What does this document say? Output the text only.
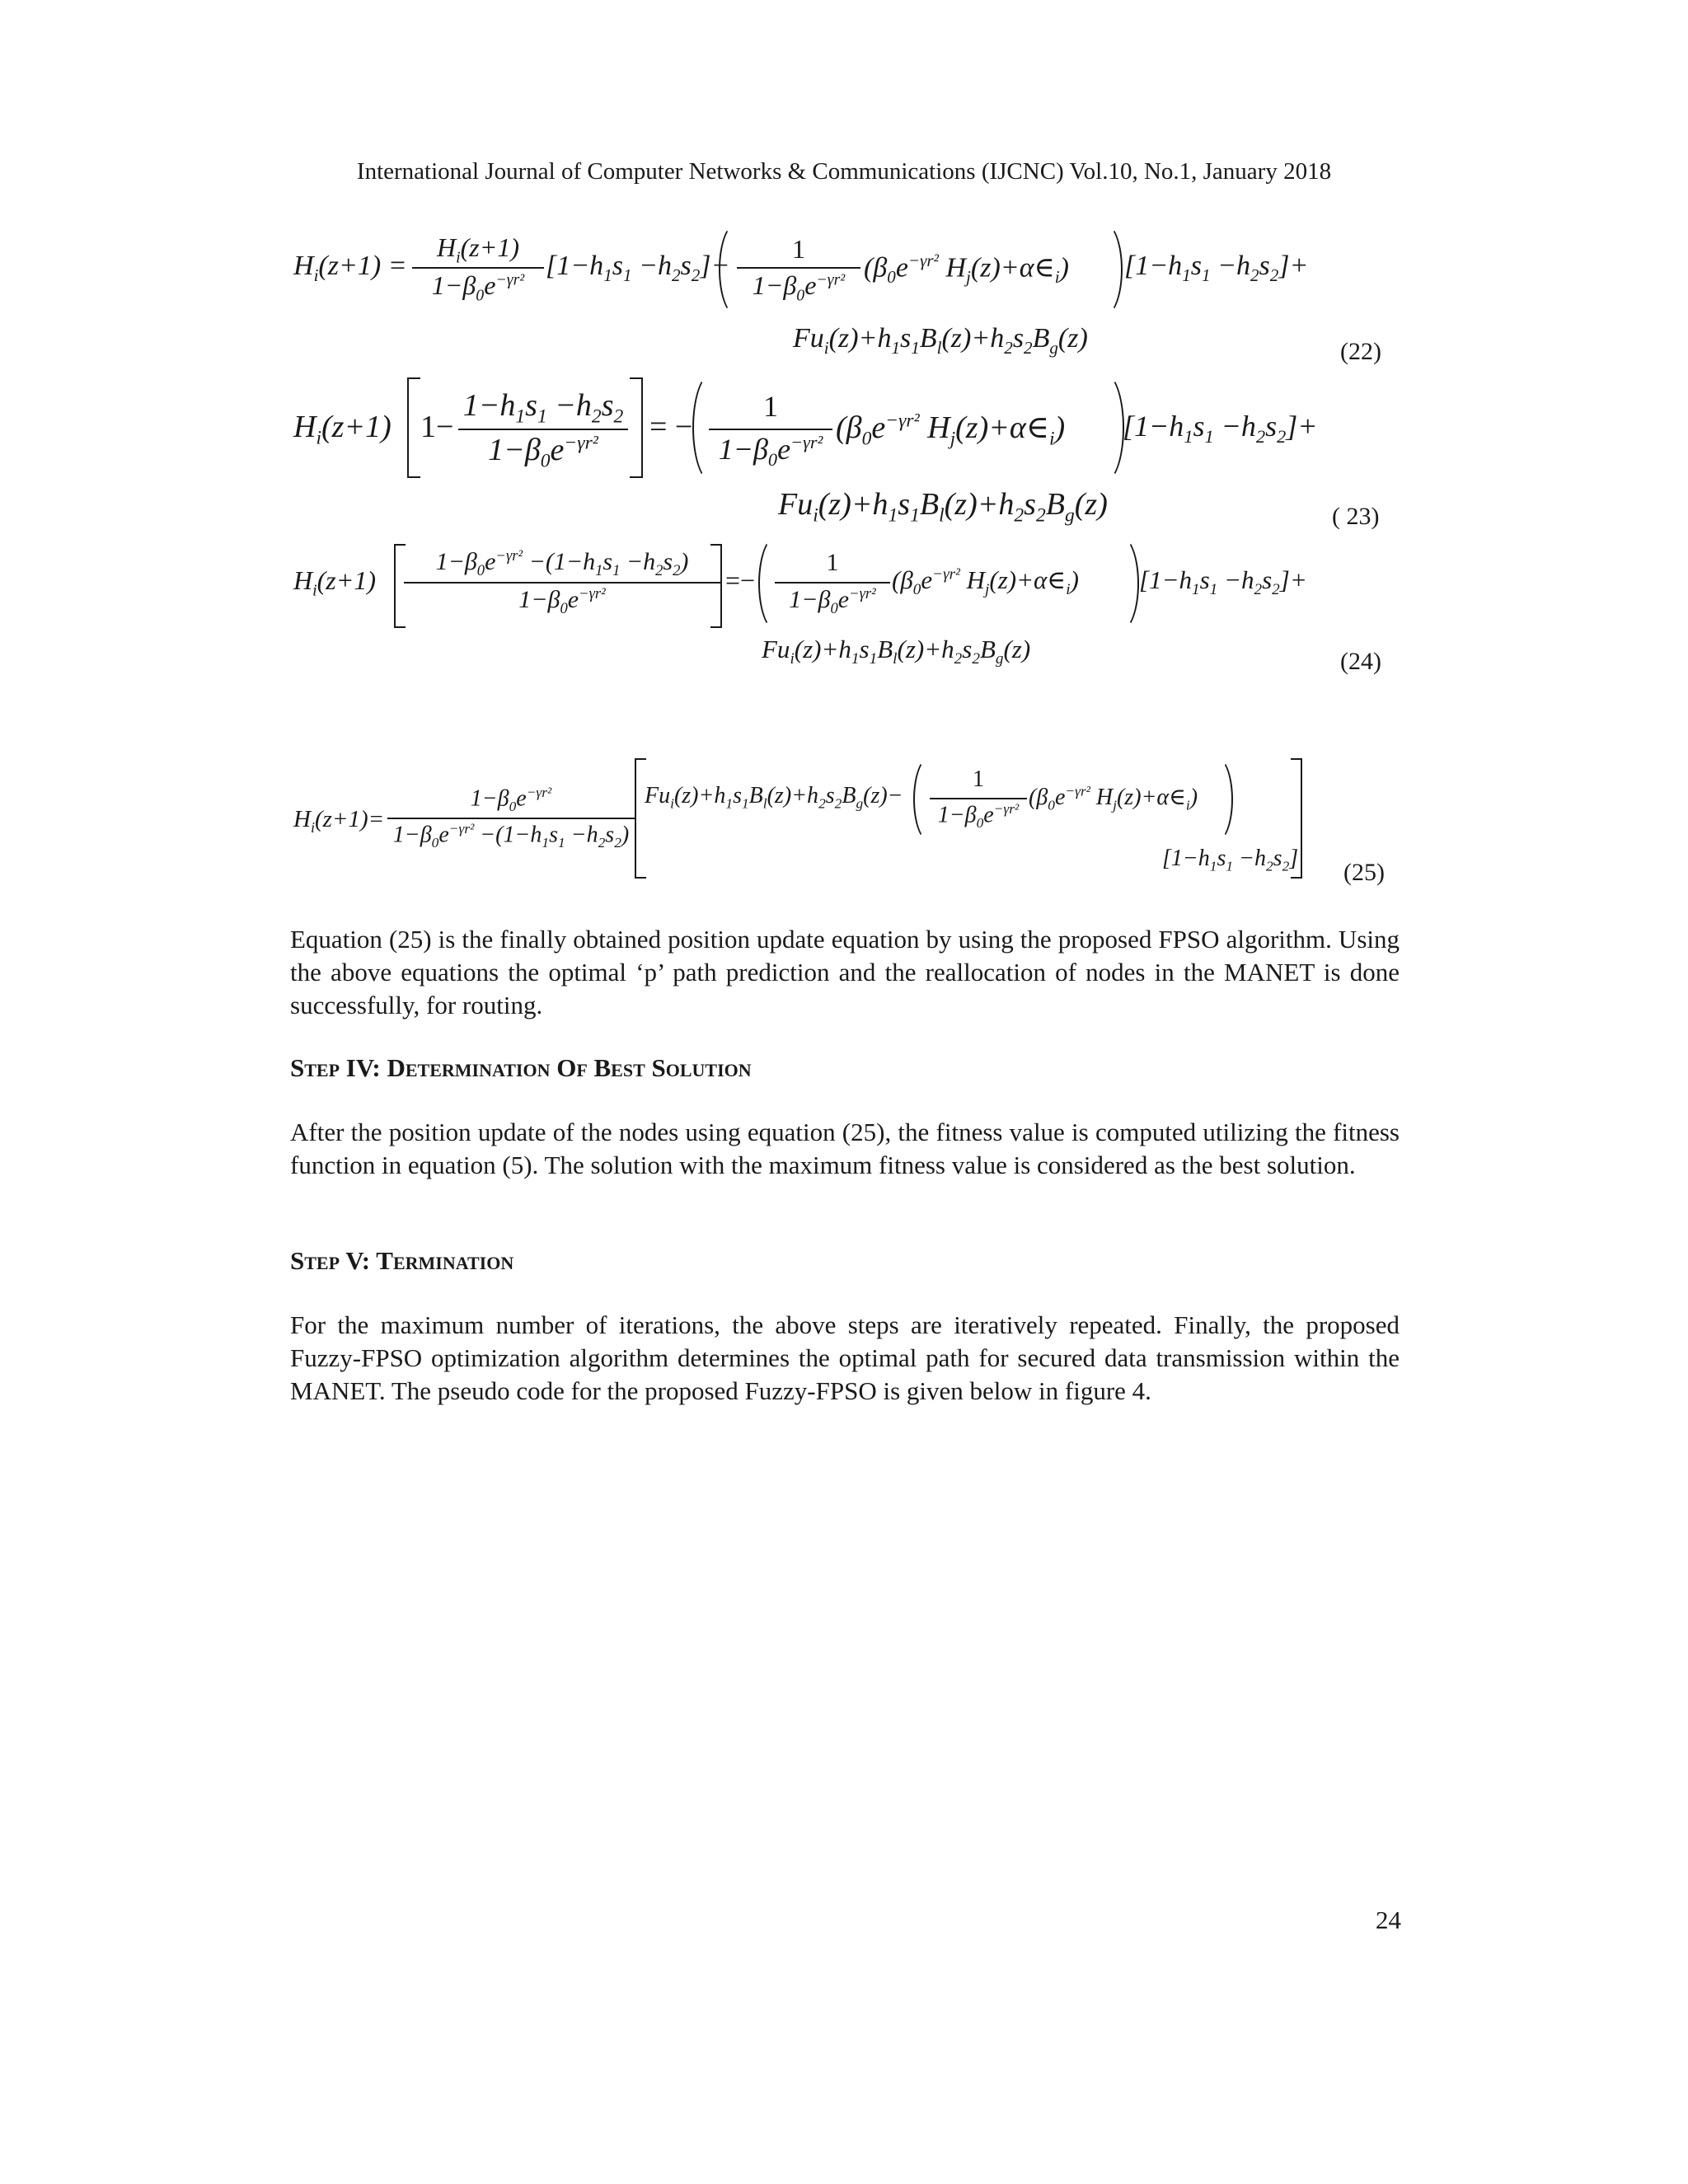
International Journal of Computer Networks & Communications (IJCNC) Vol.10, No.1, January 2018
$H_i(z+1)$ =
$H_i(z+1)$
$1-\beta_0e^{-\gamma r^2}$ $[1-h_1s_1 -h_2s_2]-$
1
$1-\beta_0e^{-\gamma r^2}$ ($\beta_0e^{-\gamma r^2}$ $H_j(z)+\alpha\in_i$) $[1-h_1s_1 -h_2s_2]+$
$Fu_i(z)+h_1s_1B_l(z)+h_2s_2B_g(z)$	(22)
$H_i(z+1)$ 1−
$1-h_1s_1 -h_2s_2$
$1-\beta_0e^{-\gamma r^2}$	= −
1
$1-\beta_0e^{-\gamma r^2}$ ($\beta_0e^{-\gamma r^2}$ $H_j(z)+\alpha\in_i$) $[1-h_1s_1 -h_2s_2]+$
$Fu_i(z)+h_1s_1B_l(z)+h_2s_2B_g(z)$	( 23)
$H_i(z+1)$
$1-\beta_0e^{-\gamma r^2} -(1-h_1s_1 -h_2s_2)$
$1-\beta_0e^{-\gamma r^2}$	=−
1
$1-\beta_0e^{-\gamma r^2}$ ($\beta_0e^{-\gamma r^2}$ $H_j(z)+\alpha\in_i$) $[1-h_1s_1 -h_2s_2]+$
$Fu_i(z)+h_1s_1B_l(z)+h_2s_2B_g(z)$	(24)
$H_i(z+1)=$
$1-\beta_0e^{-\gamma r^2}$
$1-\beta_0e^{-\gamma r^2} -(1-h_1s_1 -h_2s_2)$
$Fu_i(z)+h_1s_1B_l(z)+h_2s_2B_g(z)-$
1
$1-\beta_0e^{-\gamma r^2}$ ($\beta_0e^{-\gamma r^2}$ $H_j(z)+\alpha\in_i$)
$[1-h_1s_1 -h_2s_2]$
(25)
Equation (25) is the finally obtained position update equation by using the proposed FPSO algorithm. Using the above equations the optimal ‘p’ path prediction and the reallocation of nodes in the MANET is done successfully, for routing.
Step IV: Determination Of Best Solution
After the position update of the nodes using equation (25), the fitness value is computed utilizing the fitness function in equation (5). The solution with the maximum fitness value is considered as the best solution.
Step V: Termination
For the maximum number of iterations, the above steps are iteratively repeated. Finally, the proposed Fuzzy-FPSO optimization algorithm determines the optimal path for secured data transmission within the MANET. The pseudo code for the proposed Fuzzy-FPSO is given below in figure 4.
24
